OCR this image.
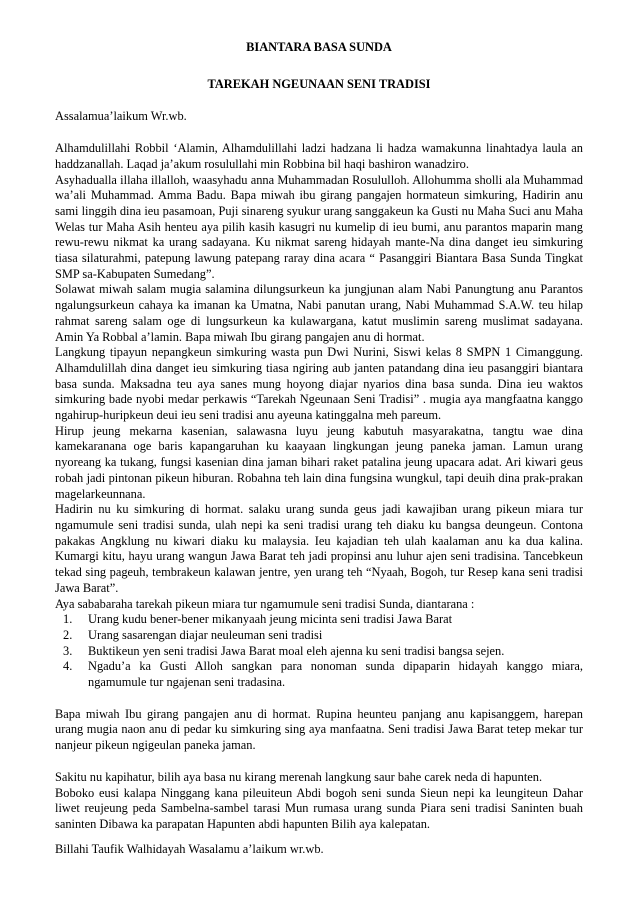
BIANTARA BASA SUNDA

TAREKAH NGEUNAAN SENI TRADISI

Assalamua’laikum Wr.wb.

Alhamdulillahi Robbil ‘Alamin, Alhamdulillahi ladzi hadzana li hadza wamakunna linahtadya laula an haddzanallah. Laqad ja’akum rosulullahi min Robbina bil haqi bashiron wanadziro.

Asyhadualla illaha illalloh, waasyhadu anna Muhammadan Rosululloh. Allohumma sholli ala Muhammad wa’ali Muhammad. Amma Badu. Bapa miwah ibu girang pangajen hormateun simkuring, Hadirin anu sami linggih dina ieu pasamoan, Puji sinareng syukur urang sanggakeun ka Gusti nu Maha Suci anu Maha Welas tur Maha Asih henteu aya pilih kasih kasugri nu kumelip di ieu bumi, anu parantos maparin mang rewu-rewu nikmat ka urang sadayana. Ku nikmat sareng hidayah mante-Na dina danget ieu simkuring tiasa silaturahmi, patepung lawung patepang raray dina acara “ Pasanggiri Biantara Basa Sunda Tingkat SMP sa-Kabupaten Sumedang”.

Solawat miwah salam mugia salamina dilungsurkeun ka jungjunan alam Nabi Panungtung anu Parantos ngalungsurkeun cahaya ka imanan ka Umatna, Nabi panutan urang, Nabi Muhammad S.A.W. teu hilap rahmat sareng salam oge di lungsurkeun ka kulawargana, katut muslimin sareng muslimat sadayana. Amin Ya Robbal a’lamin. Bapa miwah Ibu girang pangajen anu di hormat.

Langkung tipayun nepangkeun simkuring wasta pun Dwi Nurini, Siswi kelas 8 SMPN 1 Cimanggung. Alhamdulillah dina danget ieu simkuring tiasa ngiring aub janten patandang dina ieu pasanggiri biantara basa sunda. Maksadna teu aya sanes mung hoyong diajar nyarios dina basa sunda. Dina ieu waktos simkuring bade nyobi medar perkawis “Tarekah Ngeunaan Seni Tradisi” . mugia aya mangfaatna kanggo ngahirup-huripkeun deui ieu seni tradisi anu ayeuna katinggalna meh pareum.

Hirup jeung mekarna kasenian, salawasna luyu jeung kabutuh masyarakatna, tangtu wae dina kamekaranana oge baris kapangaruhan ku kaayaan lingkungan jeung paneka jaman. Lamun urang nyoreang ka tukang, fungsi kasenian dina jaman bihari raket patalina jeung upacara adat. Ari kiwari geus robah jadi pintonan pikeun hiburan. Robahna teh lain dina fungsina wungkul, tapi deuih dina prak-prakan magelarkeunnana.

Hadirin nu ku simkuring di hormat. salaku urang sunda geus jadi kawajiban urang pikeun miara tur ngamumule seni tradisi sunda, ulah nepi ka seni tradisi urang teh diaku ku bangsa deungeun. Contona pakakas Angklung nu kiwari diaku ku malaysia. Ieu kajadian teh ulah kaalaman anu ka dua kalina. Kumargi kitu, hayu urang wangun Jawa Barat teh jadi propinsi anu luhur ajen seni tradisina. Tancebkeun tekad sing pageuh, tembrakeun kalawan jentre, yen urang teh “Nyaah, Bogoh, tur Resep kana seni tradisi Jawa Barat”.

Aya sababaraha tarekah pikeun miara tur ngamumule seni tradisi Sunda, diantarana :

1.	Urang kudu bener-bener mikanyaah jeung micinta seni tradisi Jawa Barat
2.	Urang sasarengan diajar neuleuman seni tradisi
3.	Buktikeun yen seni tradisi Jawa Barat moal eleh ajenna ku seni tradisi bangsa sejen.
4.	Ngadu’a ka Gusti Alloh sangkan para nonoman sunda dipaparin hidayah kanggo miara, ngamumule tur ngajenan seni tradasina.

Bapa miwah Ibu girang pangajen anu di hormat. Rupina heunteu panjang anu kapisanggem, harepan urang mugia naon anu di pedar ku simkuring sing aya manfaatna. Seni tradisi Jawa Barat tetep mekar tur nanjeur pikeun ngigeulan paneka jaman.

Sakitu nu kapihatur, bilih aya basa nu kirang merenah langkung saur bahe carek neda di hapunten.

Boboko eusi kalapa Ninggang kana pileuiteun Abdi bogoh seni sunda Sieun nepi ka leungiteun Dahar liwet reujeung peda Sambelna-sambel tarasi Mun rumasa urang sunda Piara seni tradisi Saninten buah saninten Dibawa ka parapatan Hapunten abdi hapunten Bilih aya kalepatan.

Billahi Taufik Walhidayah Wasalamu a’laikum wr.wb.
